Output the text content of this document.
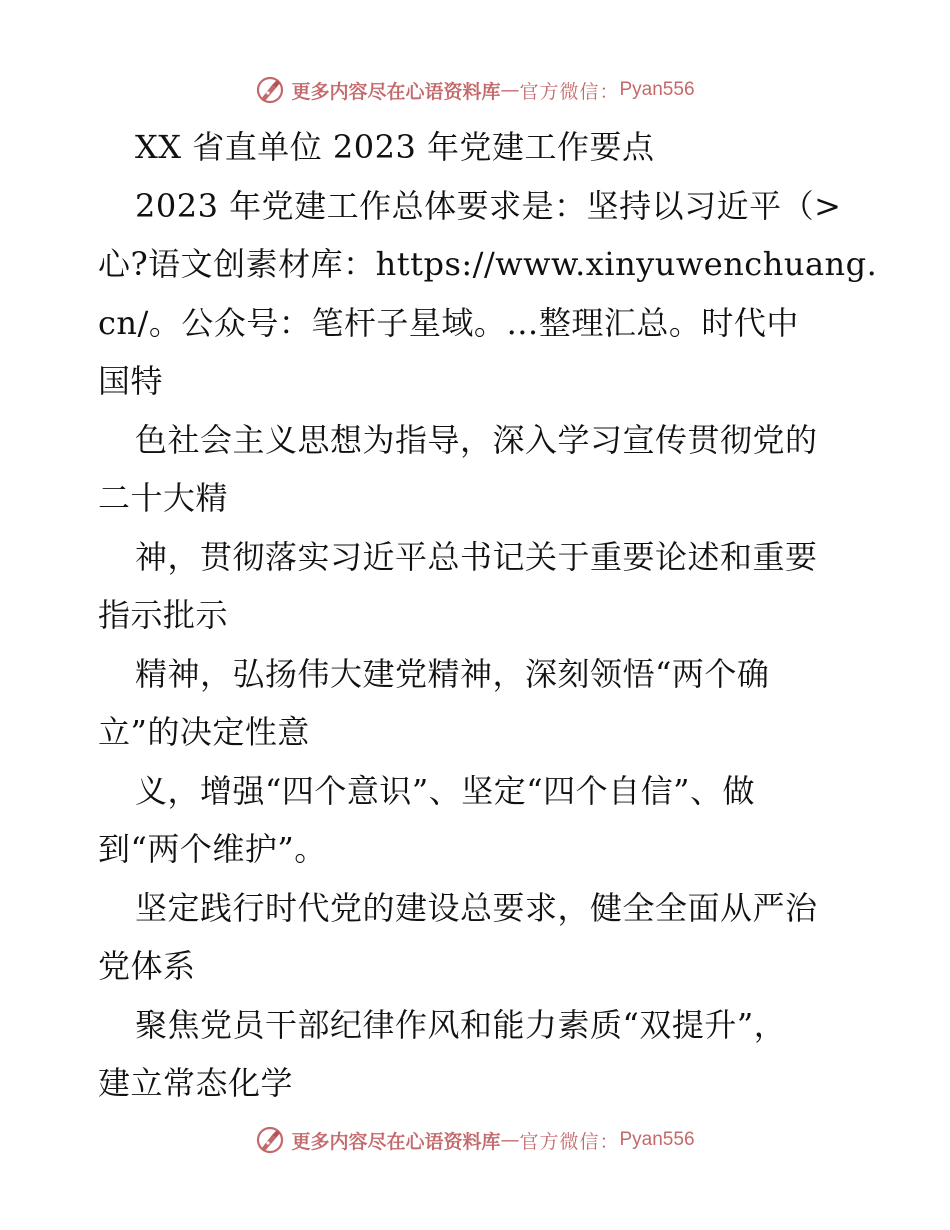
更多内容尽在心语资料库 — 官方微信： Pyan556
XX 省直单位 2023 年党建工作要点
2023 年党建工作总体要求是：坚持以习近平（>
心?语文创素材库：https://www.xinyuwenchuang.
cn/。公众号：笔杆子星域。…整理汇总。时代中
国特
色社会主义思想为指导，深入学习宣传贯彻党的
二十大精
神，贯彻落实习近平总书记关于重要论述和重要
指示批示
精神，弘扬伟大建党精神，深刻领悟“两个确
立”的决定性意
义，增强“四个意识”、坚定“四个自信”、做
到“两个维护”。
坚定践行时代党的建设总要求，健全全面从严治
党体系
聚焦党员干部纪律作风和能力素质“双提升”，
建立常态化学
更多内容尽在心语资料库 — 官方微信： Pyan556
